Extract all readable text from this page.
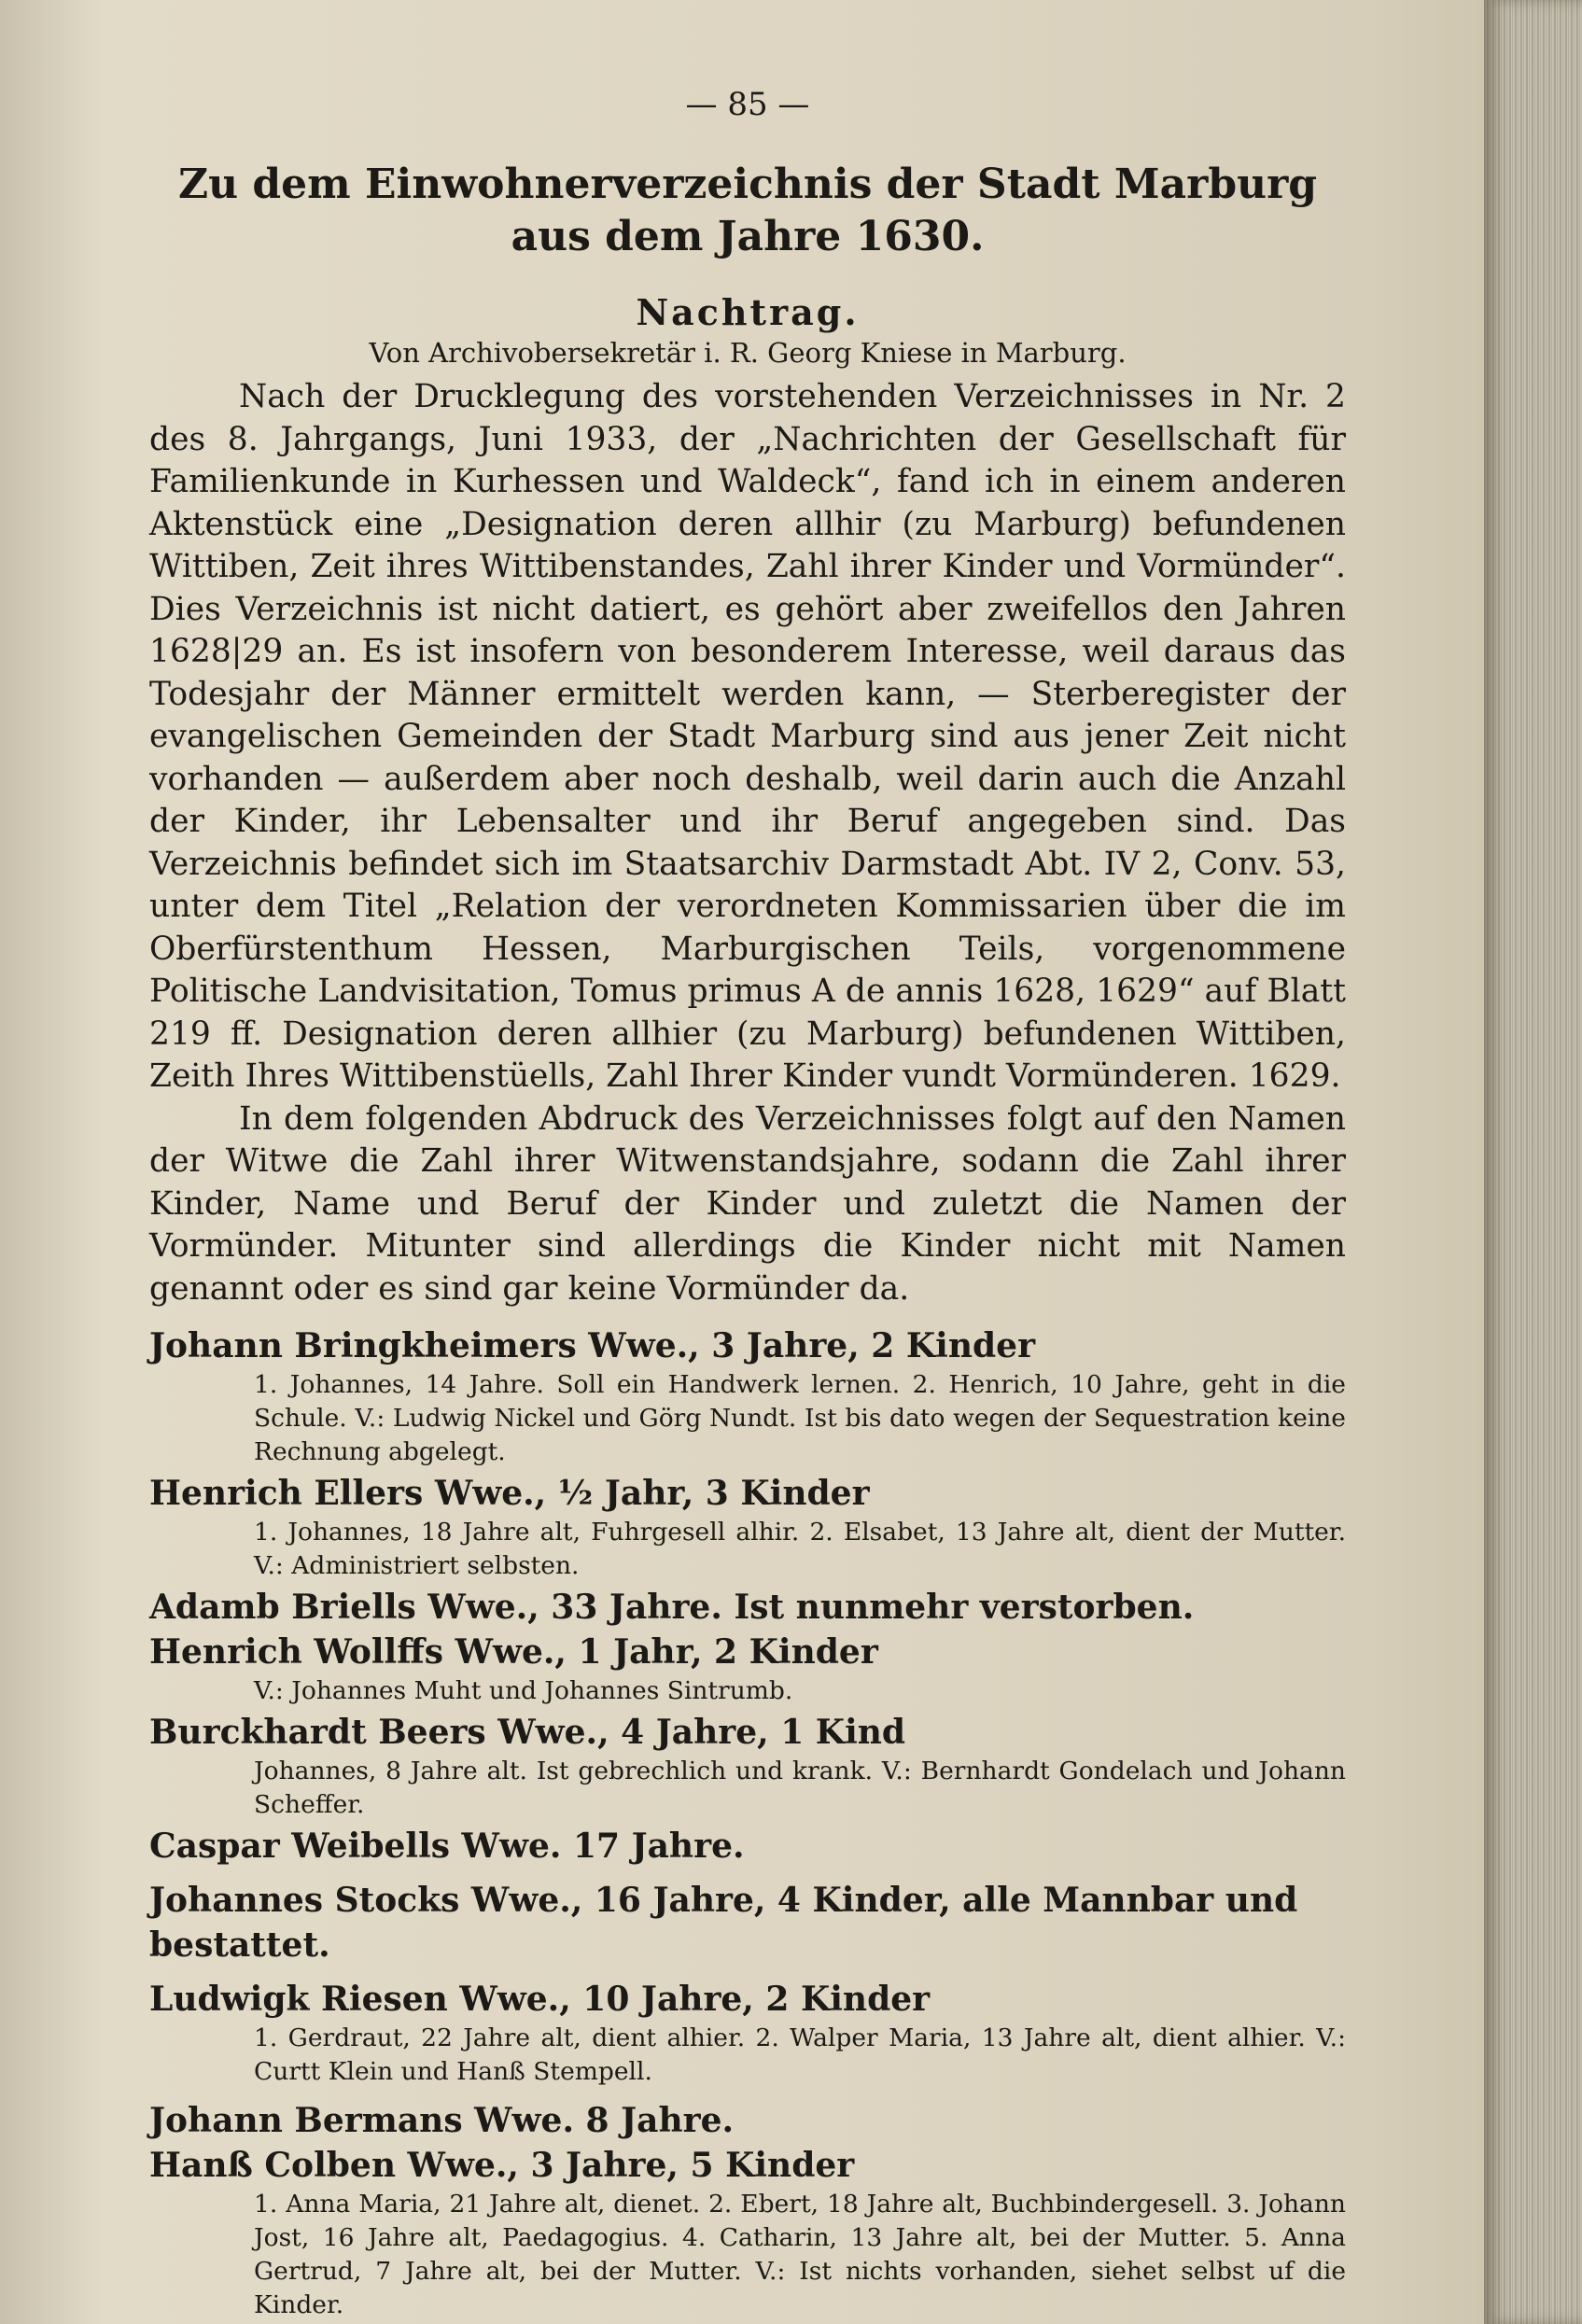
— 85 —
Zu dem Einwohnerverzeichnis der Stadt Marburg
aus dem Jahre 1630.
Nachtrag.
Von Archivobersekretär i. R. Georg Kniese in Marburg.

Nach der Drucklegung des vorstehenden Verzeichnisses in Nr. 2 des 8. Jahrgangs, Juni 1933, der „Nachrichten der Gesellschaft für Familienkunde in Kurhessen und Waldeck“, fand ich in einem anderen Aktenstück eine „Designation deren allhir (zu Marburg) befundenen Wittiben, Zeit ihres Wittibenstandes, Zahl ihrer Kinder und Vormünder“. Dies Verzeichnis ist nicht datiert, es gehört aber zweifellos den Jahren 1628|29 an. Es ist insofern von besonderem Interesse, weil daraus das Todesjahr der Männer ermittelt werden kann, — Sterberegister der evangelischen Gemeinden der Stadt Marburg sind aus jener Zeit nicht vorhanden — außerdem aber noch deshalb, weil darin auch die Anzahl der Kinder, ihr Lebensalter und ihr Beruf angegeben sind. Das Verzeichnis befindet sich im Staatsarchiv Darmstadt Abt. IV 2, Conv. 53, unter dem Titel „Relation der verordneten Kommissarien über die im Oberfürstenthum Hessen, Marburgischen Teils, vorgenommene Politische Landvisitation, Tomus primus A de annis 1628, 1629“ auf Blatt 219 ff. Designation deren allhier (zu Marburg) befundenen Wittiben, Zeith Ihres Wittibenstüells, Zahl Ihrer Kinder vundt Vormünderen. 1629.

In dem folgenden Abdruck des Verzeichnisses folgt auf den Namen der Witwe die Zahl ihrer Witwenstandsjahre, sodann die Zahl ihrer Kinder, Name und Beruf der Kinder und zuletzt die Namen der Vormünder. Mitunter sind allerdings die Kinder nicht mit Namen genannt oder es sind gar keine Vormünder da.

Johann Bringkheimers Wwe., 3 Jahre, 2 Kinder
1. Johannes, 14 Jahre. Soll ein Handwerk lernen. 2. Henrich, 10 Jahre, geht in die Schule. V.: Ludwig Nickel und Görg Nundt. Ist bis dato wegen der Sequestration keine Rechnung abgelegt.
Henrich Ellers Wwe., ½ Jahr, 3 Kinder
1. Johannes, 18 Jahre alt, Fuhrgesell alhir. 2. Elsabet, 13 Jahre alt, dient der Mutter. V.: Administriert selbsten.
Adamb Briells Wwe., 33 Jahre. Ist nunmehr verstorben.
Henrich Wollffs Wwe., 1 Jahr, 2 Kinder
V.: Johannes Muht und Johannes Sintrumb.
Burckhardt Beers Wwe., 4 Jahre, 1 Kind
Johannes, 8 Jahre alt. Ist gebrechlich und krank. V.: Bernhardt Gondelach und Johann Scheffer.
Caspar Weibells Wwe. 17 Jahre.
Johannes Stocks Wwe., 16 Jahre, 4 Kinder, alle Mannbar und bestattet.
Ludwigk Riesen Wwe., 10 Jahre, 2 Kinder
1. Gerdraut, 22 Jahre alt, dient alhier. 2. Walper Maria, 13 Jahre alt, dient alhier. V.: Curtt Klein und Hanß Stempell.
Johann Bermans Wwe. 8 Jahre.
Hanß Colben Wwe., 3 Jahre, 5 Kinder
1. Anna Maria, 21 Jahre alt, dienet. 2. Ebert, 18 Jahre alt, Buchbindergesell. 3. Johann Jost, 16 Jahre alt, Paedagogius. 4. Catharin, 13 Jahre alt, bei der Mutter. 5. Anna Gertrud, 7 Jahre alt, bei der Mutter. V.: Ist nichts vorhanden, siehet selbst uf die Kinder.
